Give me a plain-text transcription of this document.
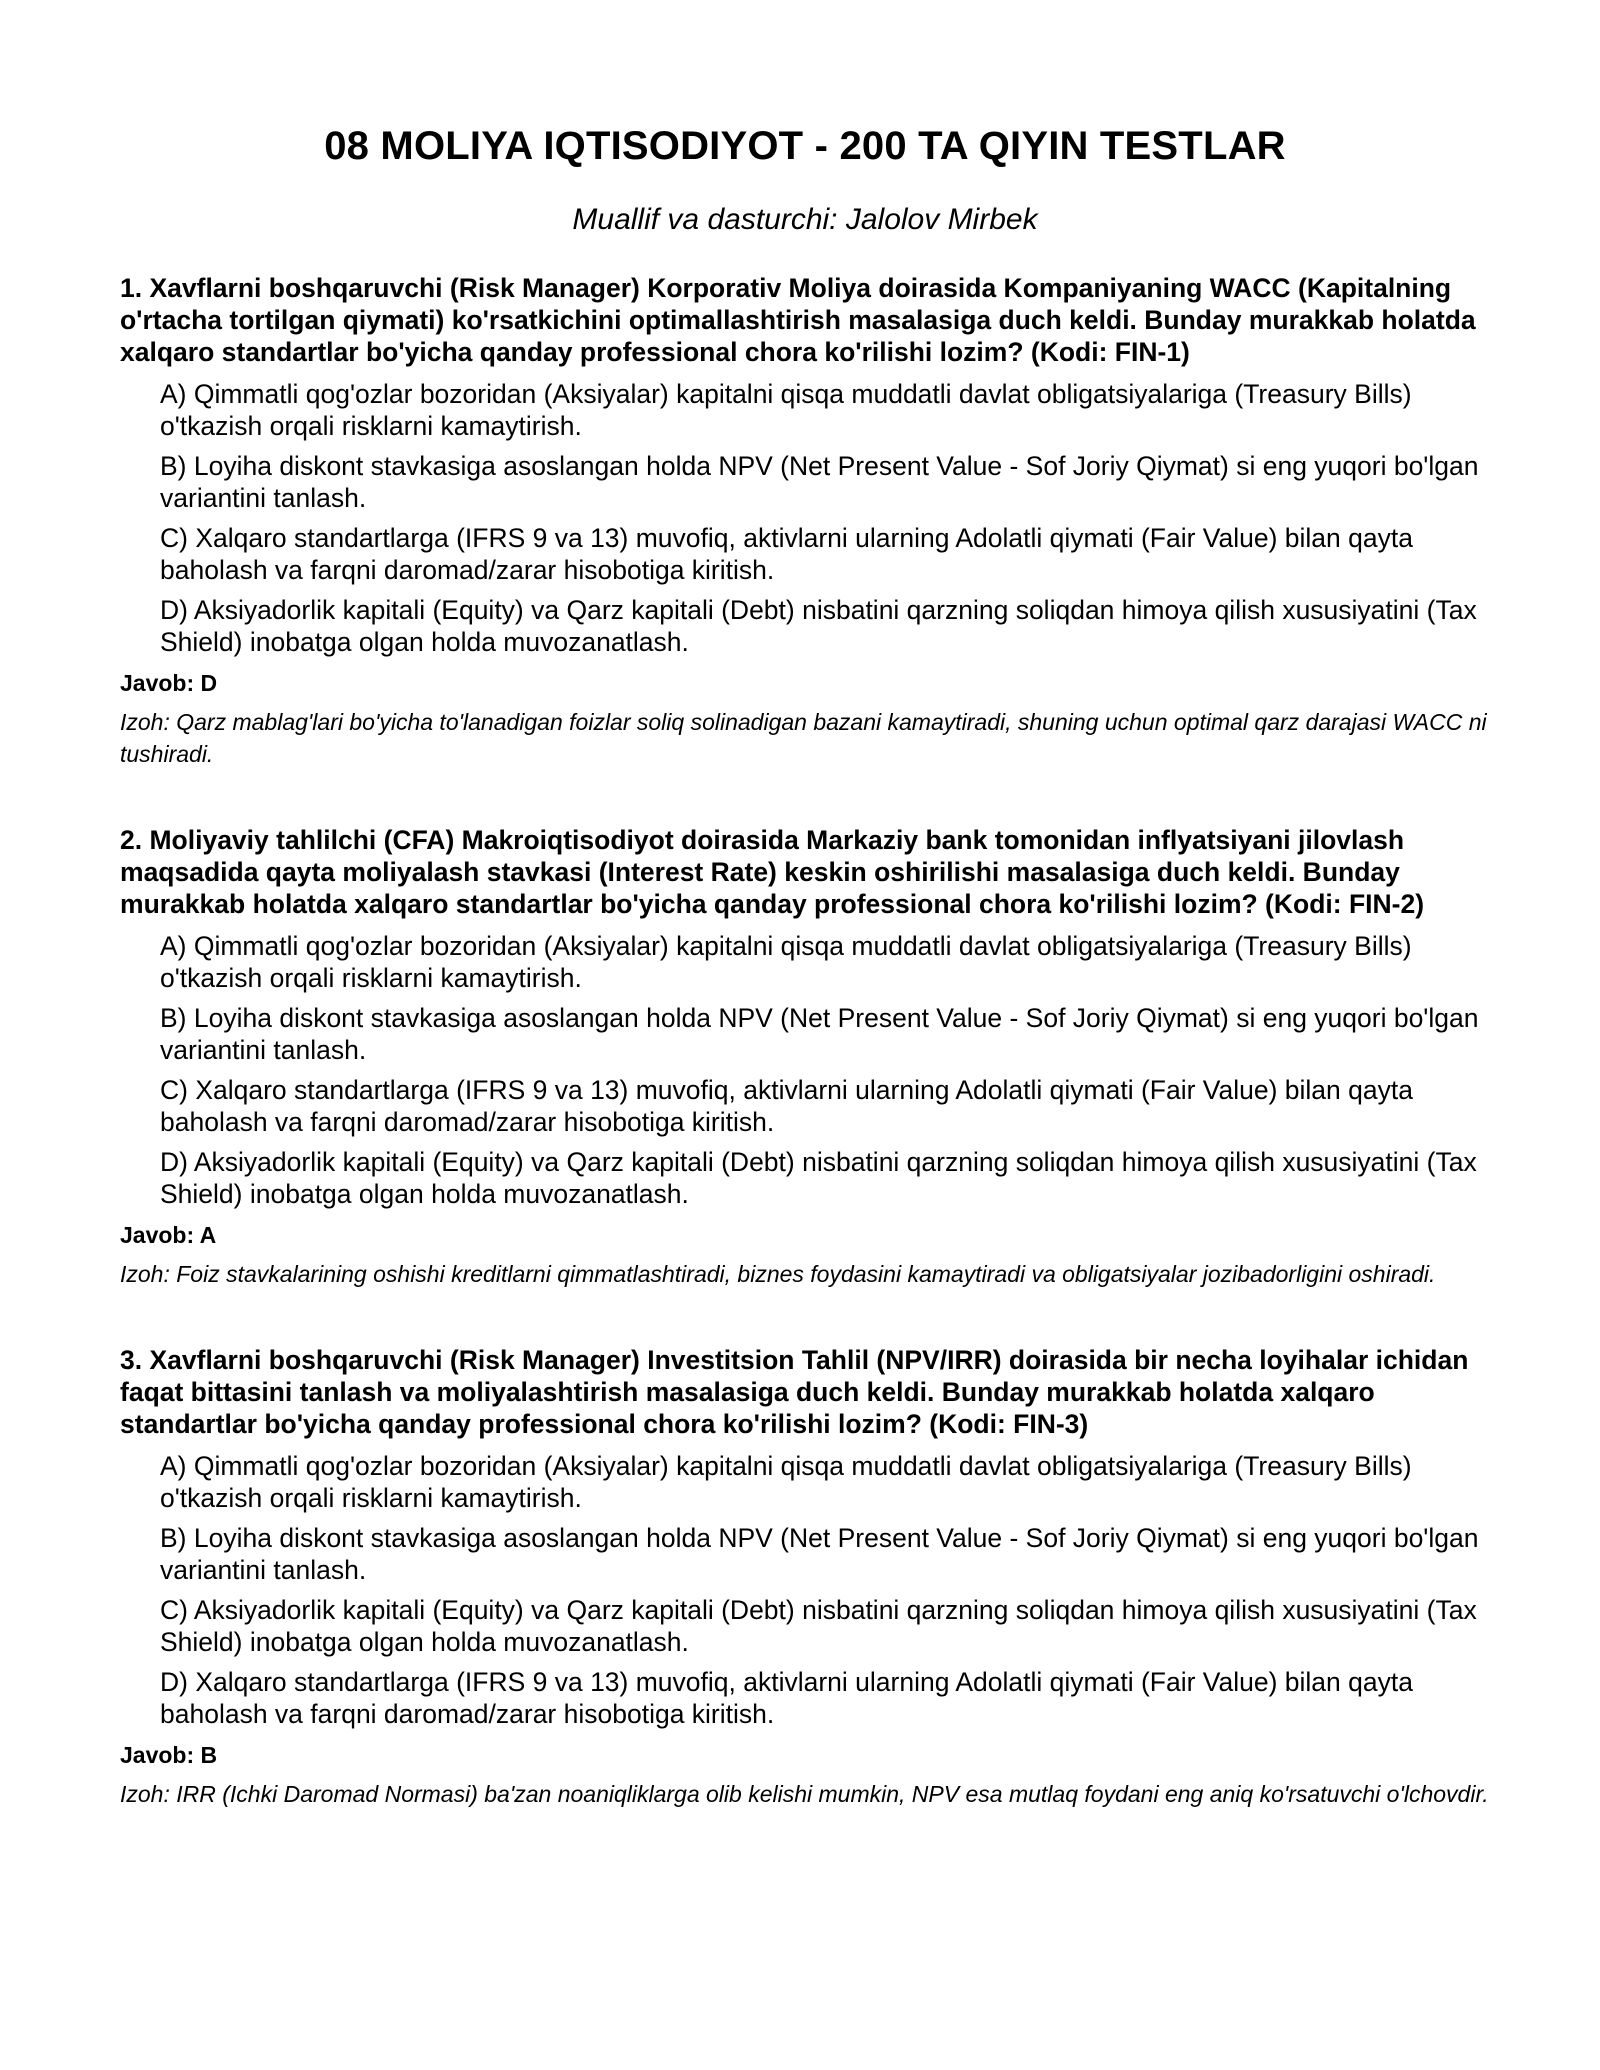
08 MOLIYA IQTISODIYOT - 200 TA QIYIN TESTLAR

Muallif va dasturchi: Jalolov Mirbek

1. Xavflarni boshqaruvchi (Risk Manager) Korporativ Moliya doirasida Kompaniyaning WACC (Kapitalning o'rtacha tortilgan qiymati) ko'rsatkichini optimallashtirish masalasiga duch keldi. Bunday murakkab holatda xalqaro standartlar bo'yicha qanday professional chora ko'rilishi lozim? (Kodi: FIN-1)

A) Qimmatli qog'ozlar bozoridan (Aksiyalar) kapitalni qisqa muddatli davlat obligatsiyalariga (Treasury Bills) o'tkazish orqali risklarni kamaytirish.
B) Loyiha diskont stavkasiga asoslangan holda NPV (Net Present Value - Sof Joriy Qiymat) si eng yuqori bo'lgan variantini tanlash.
C) Xalqaro standartlarga (IFRS 9 va 13) muvofiq, aktivlarni ularning Adolatli qiymati (Fair Value) bilan qayta baholash va farqni daromad/zarar hisobotiga kiritish.
D) Aksiyadorlik kapitali (Equity) va Qarz kapitali (Debt) nisbatini qarzning soliqdan himoya qilish xususiyatini (Tax Shield) inobatga olgan holda muvozanatlash.

Javob: D

Izoh: Qarz mablag'lari bo'yicha to'lanadigan foizlar soliq solinadigan bazani kamaytiradi, shuning uchun optimal qarz darajasi WACC ni tushiradi.

2. Moliyaviy tahlilchi (CFA) Makroiqtisodiyot doirasida Markaziy bank tomonidan inflyatsiyani jilovlash maqsadida qayta moliyalash stavkasi (Interest Rate) keskin oshirilishi masalasiga duch keldi. Bunday murakkab holatda xalqaro standartlar bo'yicha qanday professional chora ko'rilishi lozim? (Kodi: FIN-2)

A) Qimmatli qog'ozlar bozoridan (Aksiyalar) kapitalni qisqa muddatli davlat obligatsiyalariga (Treasury Bills) o'tkazish orqali risklarni kamaytirish.
B) Loyiha diskont stavkasiga asoslangan holda NPV (Net Present Value - Sof Joriy Qiymat) si eng yuqori bo'lgan variantini tanlash.
C) Xalqaro standartlarga (IFRS 9 va 13) muvofiq, aktivlarni ularning Adolatli qiymati (Fair Value) bilan qayta baholash va farqni daromad/zarar hisobotiga kiritish.
D) Aksiyadorlik kapitali (Equity) va Qarz kapitali (Debt) nisbatini qarzning soliqdan himoya qilish xususiyatini (Tax Shield) inobatga olgan holda muvozanatlash.

Javob: A

Izoh: Foiz stavkalarining oshishi kreditlarni qimmatlashtiradi, biznes foydasini kamaytiradi va obligatsiyalar jozibadorligini oshiradi.

3. Xavflarni boshqaruvchi (Risk Manager) Investitsion Tahlil (NPV/IRR) doirasida bir necha loyihalar ichidan faqat bittasini tanlash va moliyalashtirish masalasiga duch keldi. Bunday murakkab holatda xalqaro standartlar bo'yicha qanday professional chora ko'rilishi lozim? (Kodi: FIN-3)

A) Qimmatli qog'ozlar bozoridan (Aksiyalar) kapitalni qisqa muddatli davlat obligatsiyalariga (Treasury Bills) o'tkazish orqali risklarni kamaytirish.
B) Loyiha diskont stavkasiga asoslangan holda NPV (Net Present Value - Sof Joriy Qiymat) si eng yuqori bo'lgan variantini tanlash.
C) Aksiyadorlik kapitali (Equity) va Qarz kapitali (Debt) nisbatini qarzning soliqdan himoya qilish xususiyatini (Tax Shield) inobatga olgan holda muvozanatlash.
D) Xalqaro standartlarga (IFRS 9 va 13) muvofiq, aktivlarni ularning Adolatli qiymati (Fair Value) bilan qayta baholash va farqni daromad/zarar hisobotiga kiritish.

Javob: B

Izoh: IRR (Ichki Daromad Normasi) ba'zan noaniqliklarga olib kelishi mumkin, NPV esa mutlaq foydani eng aniq ko'rsatuvchi o'lchovdir.
